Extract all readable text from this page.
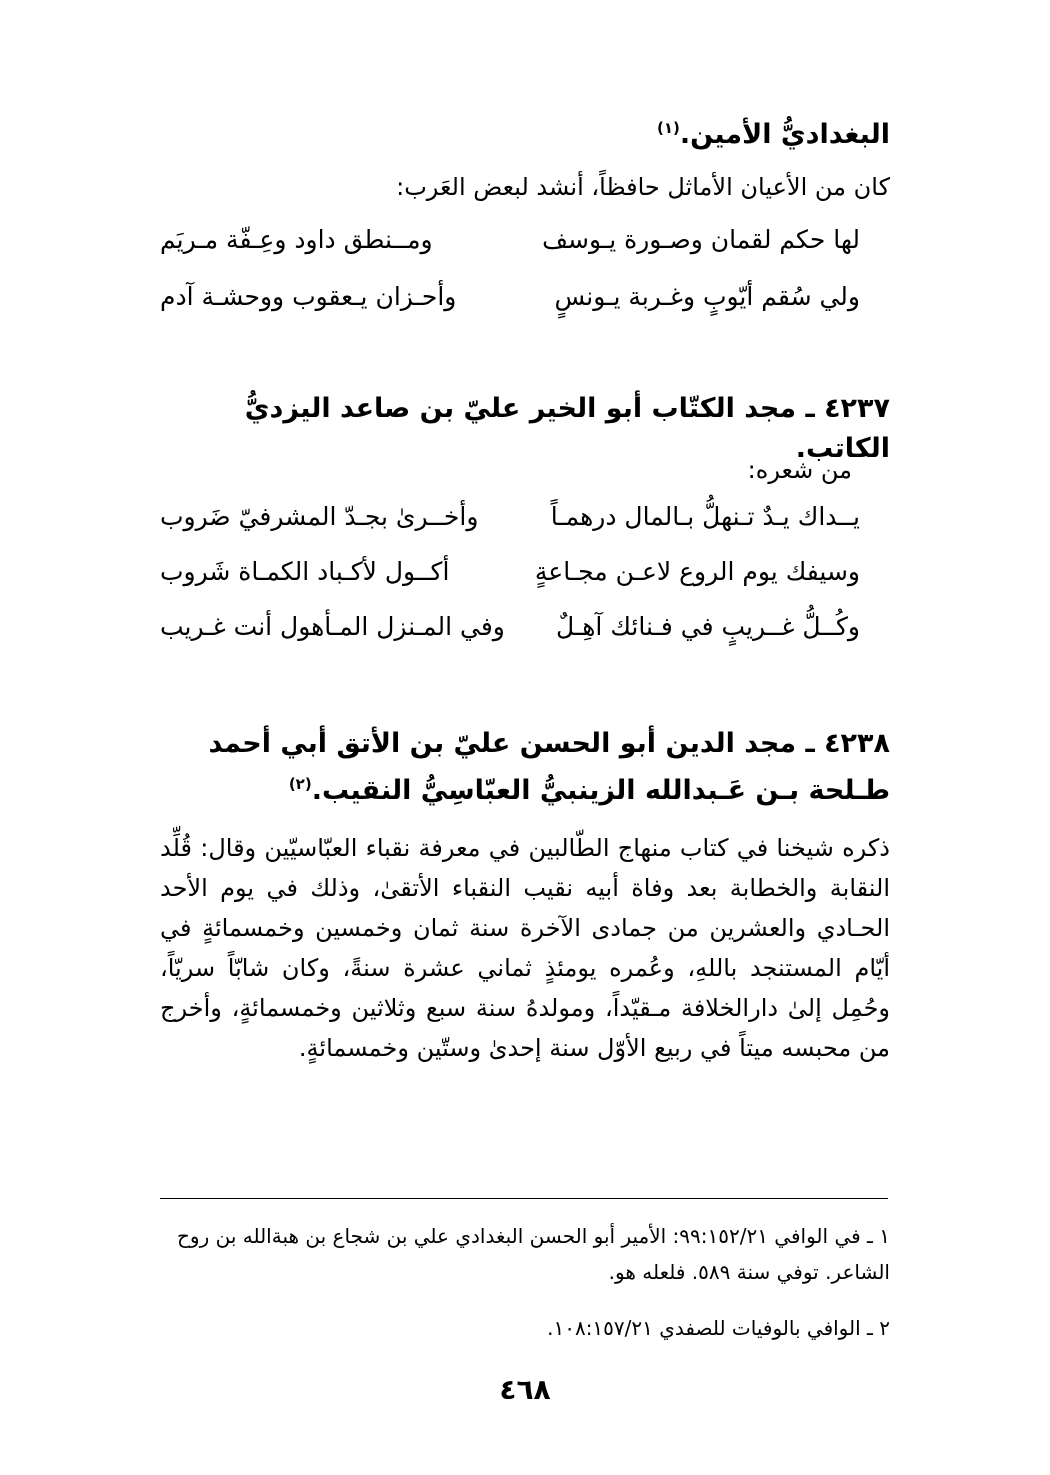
البغداديُّ الأمين.$^{(١)}$
كان من الأعيان الأماثل حافظاً، أنشد لبعض العَرب:
لها حكم لقمان وصـورة يـوسف
ومــنطق داود وعِـفّة مـريَم
ولي سُقم أيّوبٍ وغـربة يـونسٍ
وأحـزان يـعقوب ووحشـة آدم
٤٢٣٧ ـ مجد الكتّاب أبو الخير عليّ بن صاعد اليزديُّ الكاتب.
من شعره:
يــداك يـدٌ تـنهلُّ بـالمال درهمـاً
وأخــرىٰ بجـدّ المشرفيّ ضَروب
وسيفك يوم الروع لاعـن مجـاعةٍ
أكــول لأكـباد الكمـاة شَروب
وكُــلُّ غــريبٍ في فـنائك آهِـلٌ
وفي المـنزل المـأهول أنت غـريب
٤٢٣٨ ـ مجد الدين أبو الحسن عليّ بن الأتق أبي أحمد طـلحة بـن عَـبدالله الزينبيُّ العبّاسِيُّ النقيب.$^{(٢)}$
ذكره شيخنا في كتاب منهاج الطّالبين في معرفة نقباء العبّاسيّين وقال: قُلِّد النقابة والخطابة بعد وفاة أبيه نقيب النقباء الأتقىٰ، وذلك في يوم الأحد الحـادي والعشرين من جمادى الآخرة سنة ثمان وخمسين وخمسمائةٍ في أيّام المستنجد باللهِ، وعُمره يومئذٍ ثماني عشرة سنةً، وكان شابّاً سريّاً، وحُمِل إلىٰ دارالخلافة مـقيّداً، ومولدهُ سنة سبع وثلاثين وخمسمائةٍ، وأخرج من محبسه ميتاً في ربيع الأوّل سنة إحدىٰ وستّين وخمسمائةٍ.
١ ـ في الوافي ٩٩:١٥٢/٢١: الأمير أبو الحسن البغدادي علي بن شجاع بن هبةالله بن روح الشاعر. توفي سنة ٥٨٩. فلعله هو.
٢ ـ الوافي بالوفيات للصفدي ١٠٨:١٥٧/٢١.
٤٦٨
